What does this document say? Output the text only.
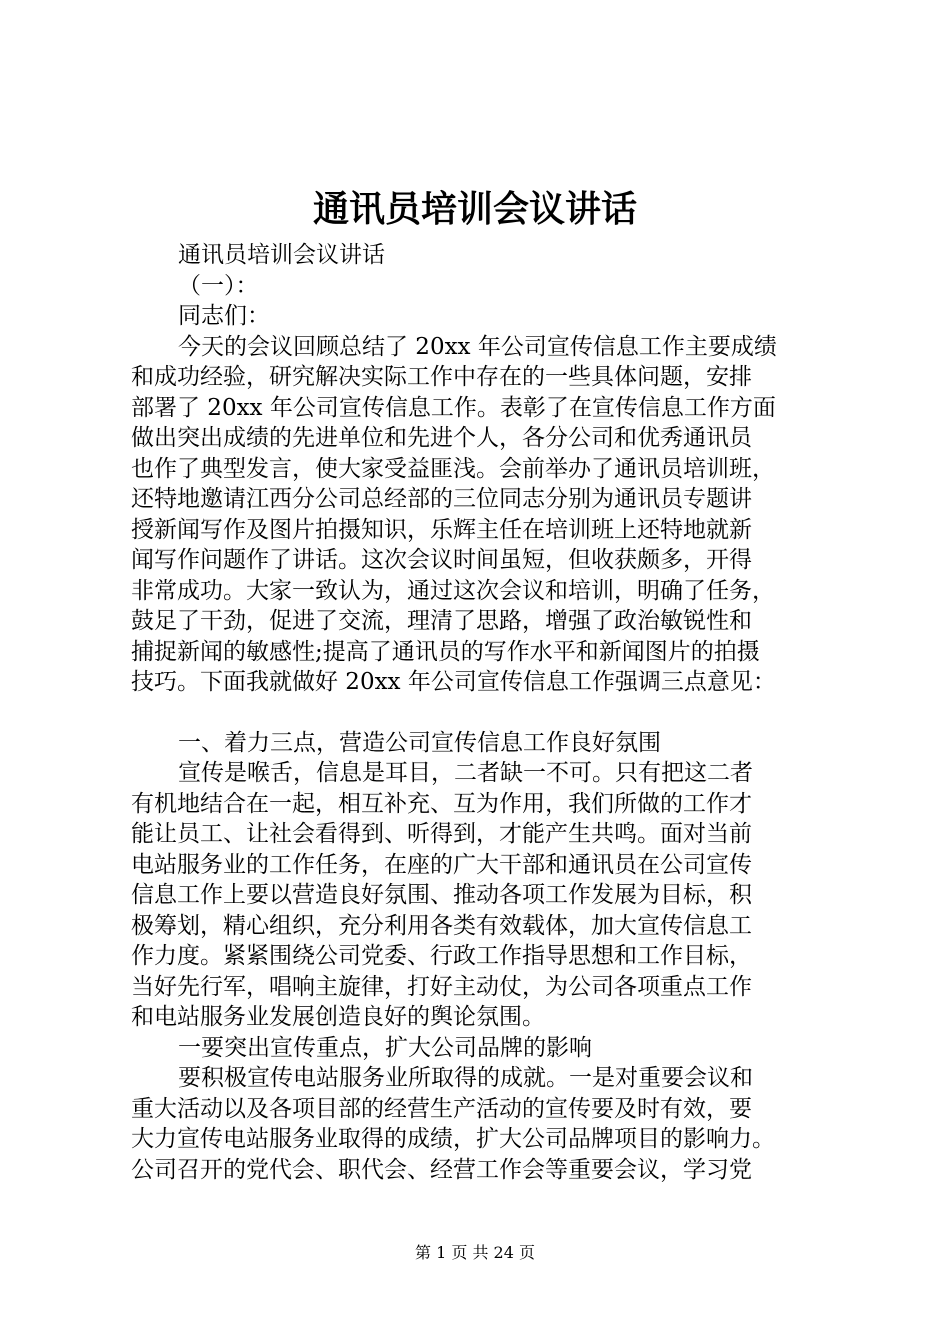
通讯员培训会议讲话
通讯员培训会议讲话
（一）：
同志们：
今天的会议回顾总结了 20xx 年公司宣传信息工作主要成绩
和成功经验，研究解决实际工作中存在的一些具体问题，安排
部署了 20xx 年公司宣传信息工作。表彰了在宣传信息工作方面
做出突出成绩的先进单位和先进个人，各分公司和优秀通讯员
也作了典型发言，使大家受益匪浅。会前举办了通讯员培训班，
还特地邀请江西分公司总经部的三位同志分别为通讯员专题讲
授新闻写作及图片拍摄知识，乐辉主任在培训班上还特地就新
闻写作问题作了讲话。这次会议时间虽短，但收获颇多，开得
非常成功。大家一致认为，通过这次会议和培训，明确了任务，
鼓足了干劲，促进了交流，理清了思路，增强了政治敏锐性和
捕捉新闻的敏感性;提高了通讯员的写作水平和新闻图片的拍摄
技巧。下面我就做好 20xx 年公司宣传信息工作强调三点意见：
一、着力三点，营造公司宣传信息工作良好氛围
宣传是喉舌，信息是耳目，二者缺一不可。只有把这二者
有机地结合在一起，相互补充、互为作用，我们所做的工作才
能让员工、让社会看得到、听得到，才能产生共鸣。面对当前
电站服务业的工作任务，在座的广大干部和通讯员在公司宣传
信息工作上要以营造良好氛围、推动各项工作发展为目标，积
极筹划，精心组织，充分利用各类有效载体，加大宣传信息工
作力度。紧紧围绕公司党委、行政工作指导思想和工作目标，
当好先行军，唱响主旋律，打好主动仗，为公司各项重点工作
和电站服务业发展创造良好的舆论氛围。
一要突出宣传重点，扩大公司品牌的影响
要积极宣传电站服务业所取得的成就。一是对重要会议和
重大活动以及各项目部的经营生产活动的宣传要及时有效，要
大力宣传电站服务业取得的成绩，扩大公司品牌项目的影响力。
公司召开的党代会、职代会、经营工作会等重要会议，学习党
第 1 页 共 24 页
